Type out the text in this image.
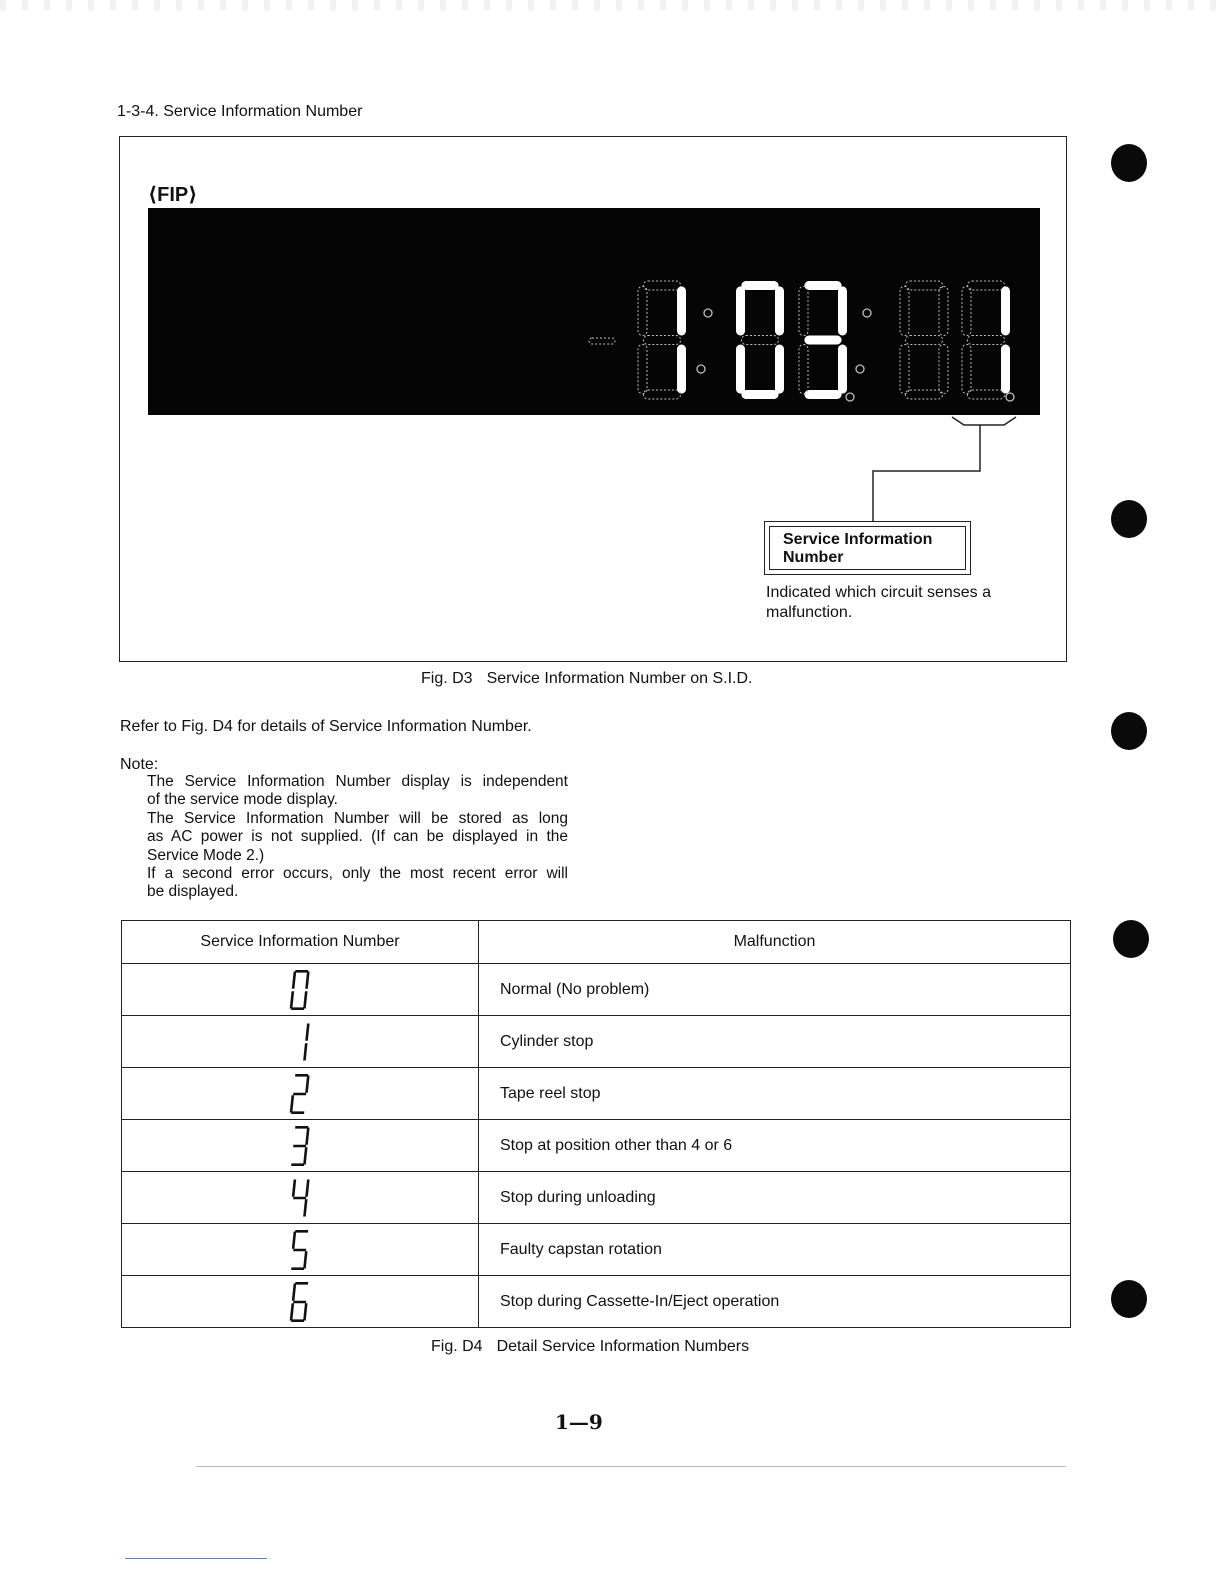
1-3-4. Service Information Number
⟨FIP⟩
Service Information Number
Indicated which circuit senses a malfunction.
Fig. D3 Service Information Number on S.I.D.
Refer to Fig. D4 for details of Service Information Number.
Note:
The Service Information Number display is independent
of the service mode display.
The Service Information Number will be stored as long
as AC power is not supplied. (If can be displayed in the
Service Mode 2.)
If a second error occurs, only the most recent error will
be displayed.
Service Information Number	Malfunction
	Normal (No problem)
	Cylinder stop
	Tape reel stop
	Stop at position other than 4 or 6
	Stop during unloading
	Faulty capstan rotation
	Stop during Cassette-In/Eject operation
Fig. D4 Detail Service Information Numbers
1—9
